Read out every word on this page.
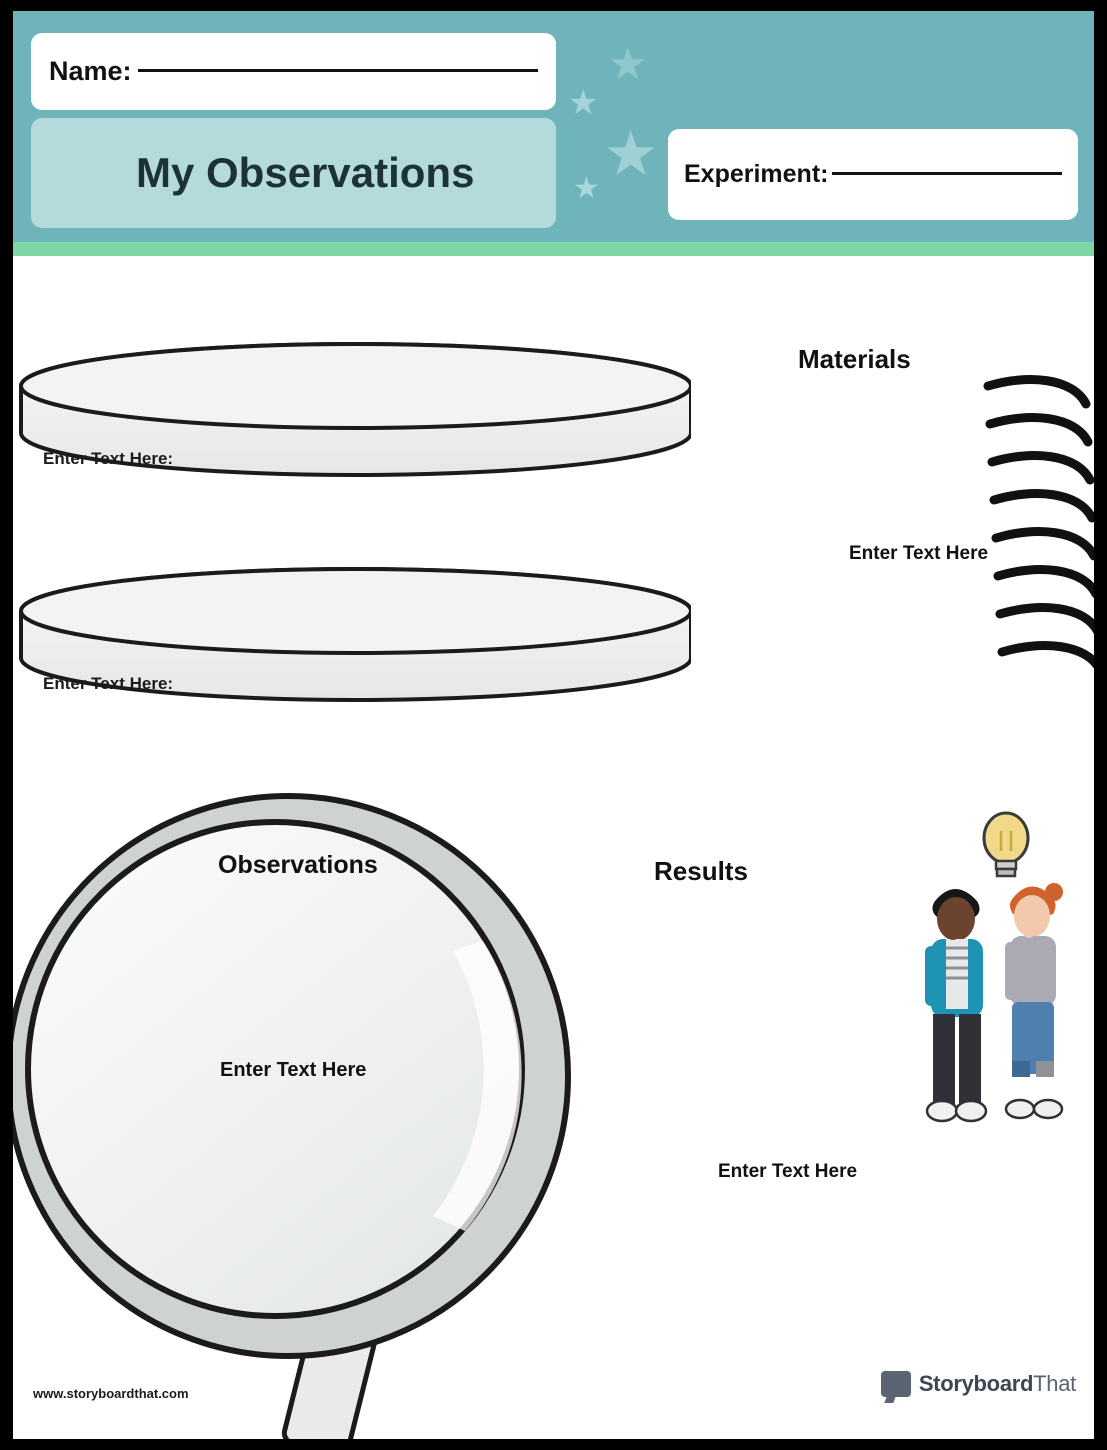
★
★
★
★
Name:
My Observations	Experiment:
Enter Text Here:
Enter Text Here:
Observations
Enter Text Here
Materials
Enter Text Here
Results
Enter Text Here
www.storyboardthat.com	StoryboardThat
